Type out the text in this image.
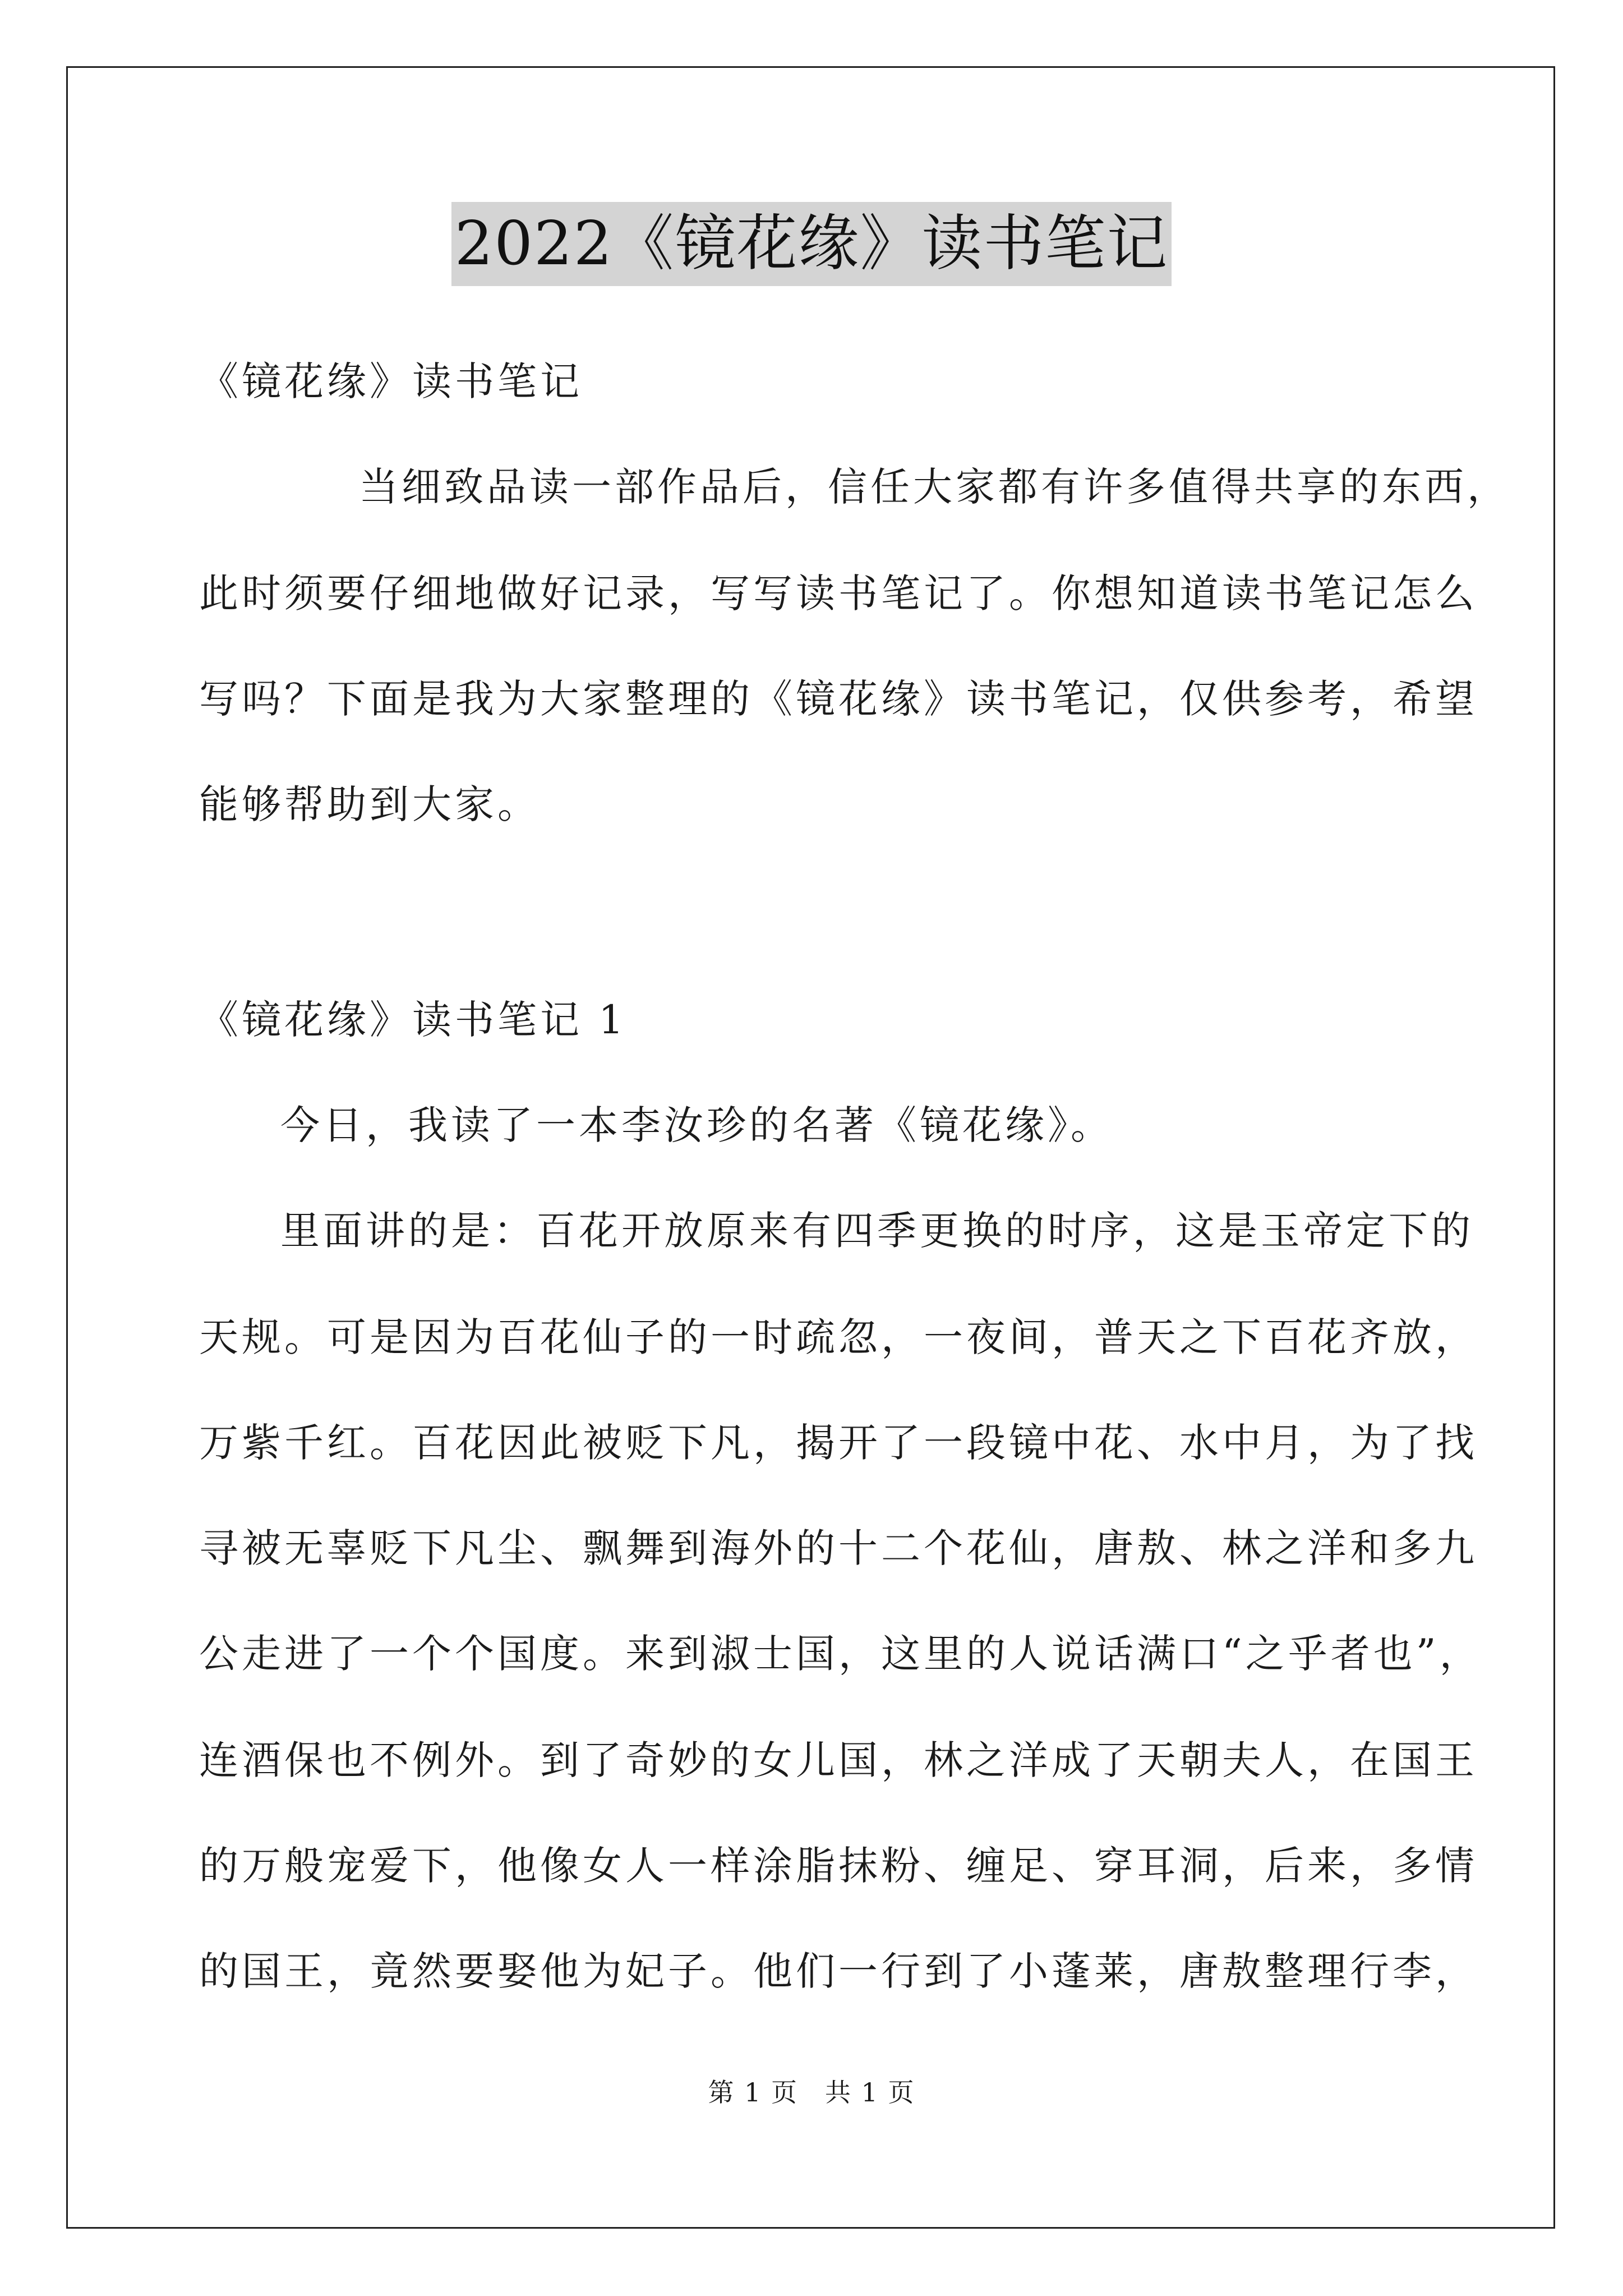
2022《镜花缘》读书笔记
《镜花缘》读书笔记
当细致品读一部作品后，信任大家都有许多值得共享的东西，
此时须要仔细地做好记录，写写读书笔记了。你想知道读书笔记怎么
写吗？下面是我为大家整理的《镜花缘》读书笔记，仅供参考，希望
能够帮助到大家。
《镜花缘》读书笔记 1
今日，我读了一本李汝珍的名著《镜花缘》。
里面讲的是：百花开放原来有四季更换的时序，这是玉帝定下的
天规。可是因为百花仙子的一时疏忽，一夜间，普天之下百花齐放，
万紫千红。百花因此被贬下凡，揭开了一段镜中花、水中月，为了找
寻被无辜贬下凡尘、飘舞到海外的十二个花仙，唐敖、林之洋和多九
公走进了一个个国度。来到淑士国，这里的人说话满口“之乎者也”，
连酒保也不例外。到了奇妙的女儿国，林之洋成了天朝夫人，在国王
的万般宠爱下，他像女人一样涂脂抹粉、缠足、穿耳洞，后来，多情
的国王，竟然要娶他为妃子。他们一行到了小蓬莱，唐敖整理行李，
第 1 页　共 1 页
